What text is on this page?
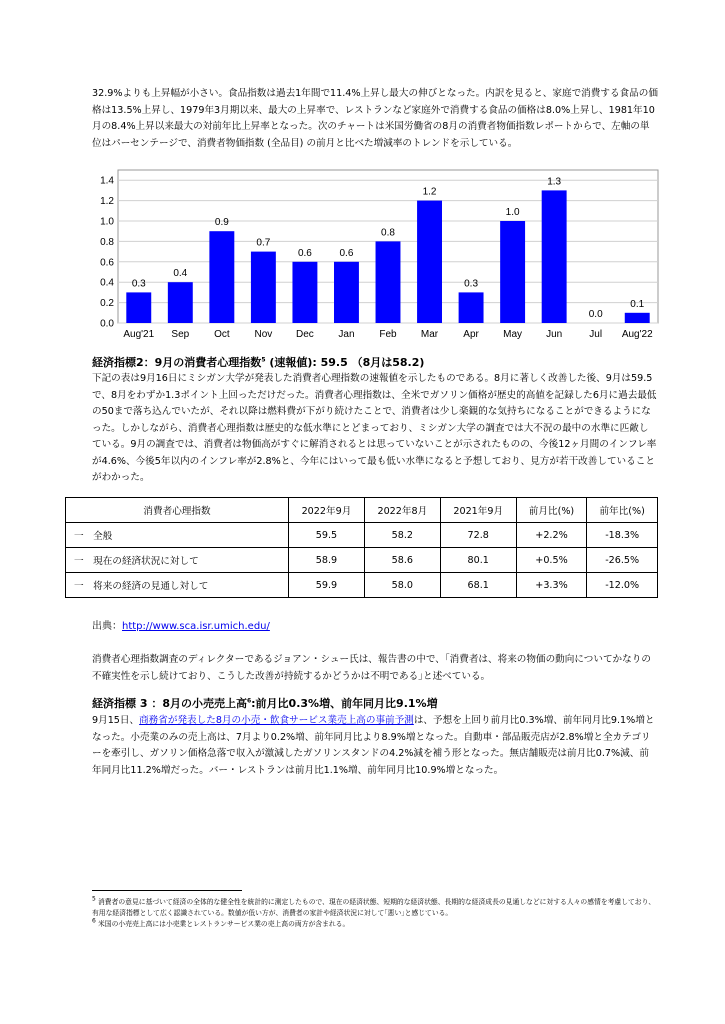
32.9%よりも上昇幅が小さい。食品指数は過去1年間で11.4%上昇し最大の伸びとなった。内訳を見ると、家庭で消費する食品の価格は13.5%上昇し、1979年3月期以来、最大の上昇率で、レストランなど家庭外で消費する食品の価格は8.0%上昇し、1981年10月の8.4%上昇以来最大の対前年比上昇率となった。次のチャートは米国労働省の8月の消費者物価指数レポートからで、左軸の単位はパーセンテージで、消費者物価指数 (全品目) の前月と比べた増減率のトレンドを示している。

0.0
0.2
0.4
0.6
0.8
1.0
1.2
1.4
0.3
Aug'21
0.4
Sep
0.9
Oct
0.7
Nov
0.6
Dec
0.6
Jan
0.8
Feb
1.2
Mar
0.3
Apr
1.0
May
1.3
Jun
0.0
Jul
0.1
Aug'22

経済指標2：9月の消費者心理指数$^5$ (速報値): 59.5 （8月は58.2)

下記の表は9月16日にミシガン大学が発表した消費者心理指数の速報値を示したものである。8月に著しく改善した後、9月は59.5で、8月をわずか1.3ポイント上回っただけだった。消費者心理指数は、全米でガソリン価格が歴史的高値を記録した6月に過去最低の50まで落ち込んでいたが、それ以降は燃料費が下がり続けたことで、消費者は少し楽観的な気持ちになることができるようになった。しかしながら、消費者心理指数は歴史的な低水準にとどまっており、ミシガン大学の調査では大不況の最中の水準に匹敵している。9月の調査では、消費者は物価高がすぐに解消されるとは思っていないことが示されたものの、今後12ヶ月間のインフレ率が4.6%、今後5年以内のインフレ率が2.8%と、今年にはいって最も低い水準になると予想しており、見方が若干改善していることがわかった。

消費者心理指数	2022年9月	2022年8月	2021年9月	前月比(%)	前年比(%)
一　全般	59.5	58.2	72.8	+2.2%	-18.3%
一　現在の経済状況に対して	58.9	58.6	80.1	+0.5%	-26.5%
一　将来の経済の見通し対して	59.9	58.0	68.1	+3.3%	-12.0%
出典：http://www.sca.isr.umich.edu/

消費者心理指数調査のディレクターであるジョアン・シュー氏は、報告書の中で、｢消費者は、将来の物価の動向についてかなりの不確実性を示し続けており、こうした改善が持続するかどうかは不明である｣と述べている。

経済指標 3 ：8月の小売売上高$^6$:前月比0.3%増、前年同月比9.1%増

9月15日、商務省が発表した8月の小売・飲食サービス業売上高の事前予測は、予想を上回り前月比0.3%増、前年同月比9.1%増となった。小売業のみの売上高は、7月より0.2%増、前年同月比より8.9%増となった。自動車・部品販売店が2.8%増と全カテゴリーを牽引し、ガソリン価格急落で収入が激減したガソリンスタンドの4.2%減を補う形となった。無店舗販売は前月比0.7%減、前年同月比11.2%増だった。バー・レストランは前月比1.1%増、前年同月比10.9%増となった。

$^5$ 消費者の意見に基づいて経済の全体的な健全性を統計的に測定したもので、現在の経済状態、短期的な経済状態、長期的な経済成長の見通しなどに対する人々の感情を考慮しており、有用な経済指標として広く認識されている。数値が低い方が、消費者の家計や経済状況に対して｢悪い｣と感じている。

$^6$ 米国の小売売上高には小売業とレストランサービス業の売上高の両方が含まれる。
